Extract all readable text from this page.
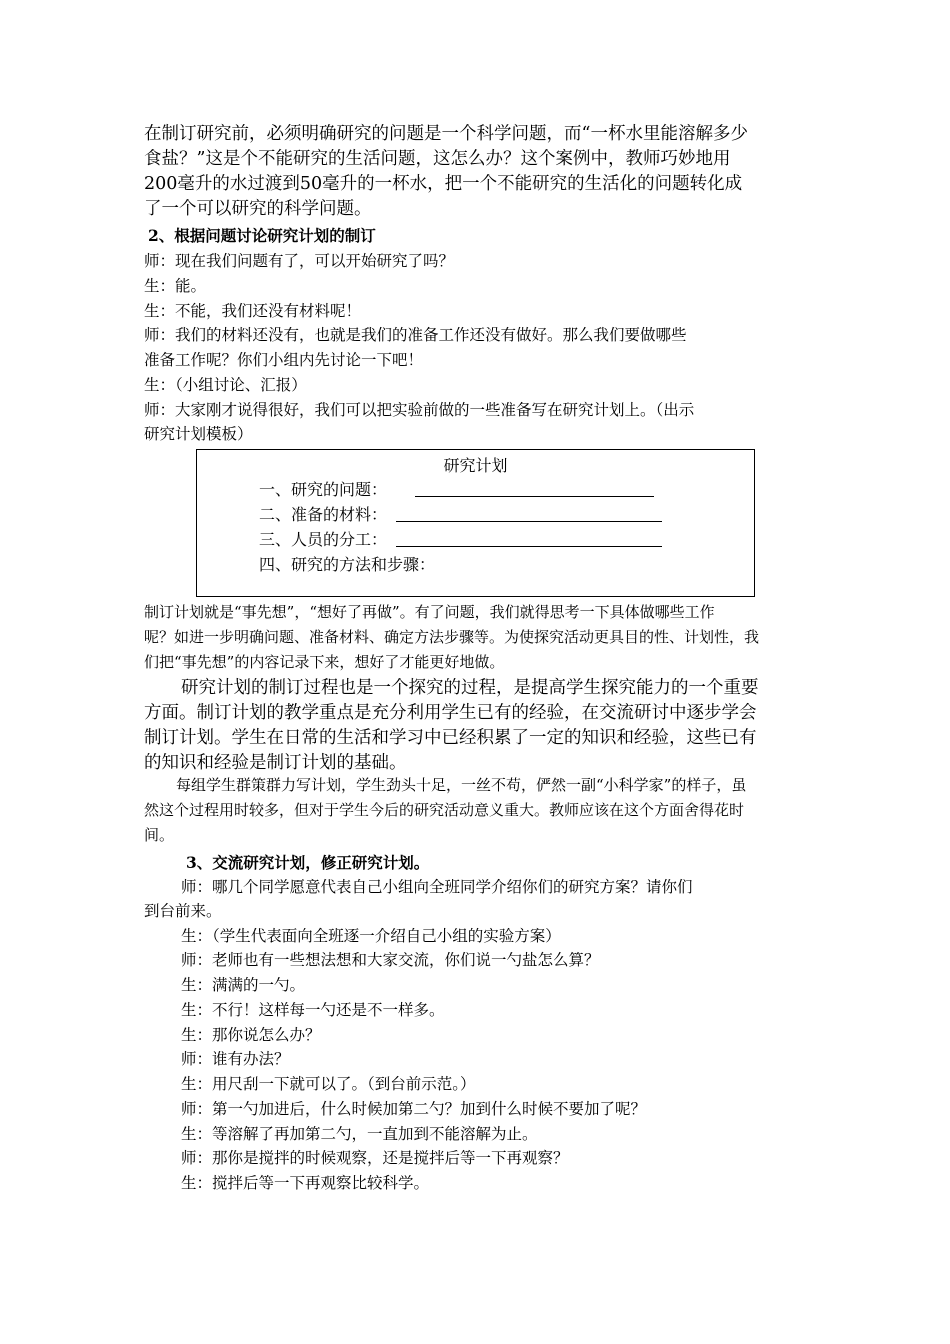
在制订研究前，必须明确研究的问题是一个科学问题，而“一杯水里能溶解多少
食盐？”这是个不能研究的生活问题，这怎么办？这个案例中，教师巧妙地用
200毫升的水过渡到50毫升的一杯水，把一个不能研究的生活化的问题转化成
了一个可以研究的科学问题。
2、根据问题讨论研究计划的制订
师：现在我们问题有了，可以开始研究了吗？
生：能。
生：不能，我们还没有材料呢！
师：我们的材料还没有，也就是我们的准备工作还没有做好。那么我们要做哪些
准备工作呢？你们小组内先讨论一下吧！
生：（小组讨论、汇报）
师：大家刚才说得很好，我们可以把实验前做的一些准备写在研究计划上。（出示
研究计划模板）
研究计划
一、研究的问题：
二、准备的材料：
三、人员的分工：
四、研究的方法和步骤：
制订计划就是“事先想”，“想好了再做”。有了问题，我们就得思考一下具体做哪些工作
呢？如进一步明确问题、准备材料、确定方法步骤等。为使探究活动更具目的性、计划性，我
们把“事先想”的内容记录下来，想好了才能更好地做。
研究计划的制订过程也是一个探究的过程，是提高学生探究能力的一个重要
方面。制订计划的教学重点是充分利用学生已有的经验，在交流研讨中逐步学会
制订计划。学生在日常的生活和学习中已经积累了一定的知识和经验，这些已有
的知识和经验是制订计划的基础。
每组学生群策群力写计划，学生劲头十足，一丝不苟，俨然一副“小科学家”的样子，虽
然这个过程用时较多，但对于学生今后的研究活动意义重大。教师应该在这个方面舍得花时
间。
3、交流研究计划，修正研究计划。
师：哪几个同学愿意代表自己小组向全班同学介绍你们的研究方案？请你们
到台前来。
生：（学生代表面向全班逐一介绍自己小组的实验方案）
师：老师也有一些想法想和大家交流，你们说一勺盐怎么算？
生：满满的一勺。
生：不行！这样每一勺还是不一样多。
生：那你说怎么办？
师：谁有办法？
生：用尺刮一下就可以了。（到台前示范。）
师：第一勺加进后，什么时候加第二勺？加到什么时候不要加了呢？
生：等溶解了再加第二勺，一直加到不能溶解为止。
师：那你是搅拌的时候观察，还是搅拌后等一下再观察？
生：搅拌后等一下再观察比较科学。
